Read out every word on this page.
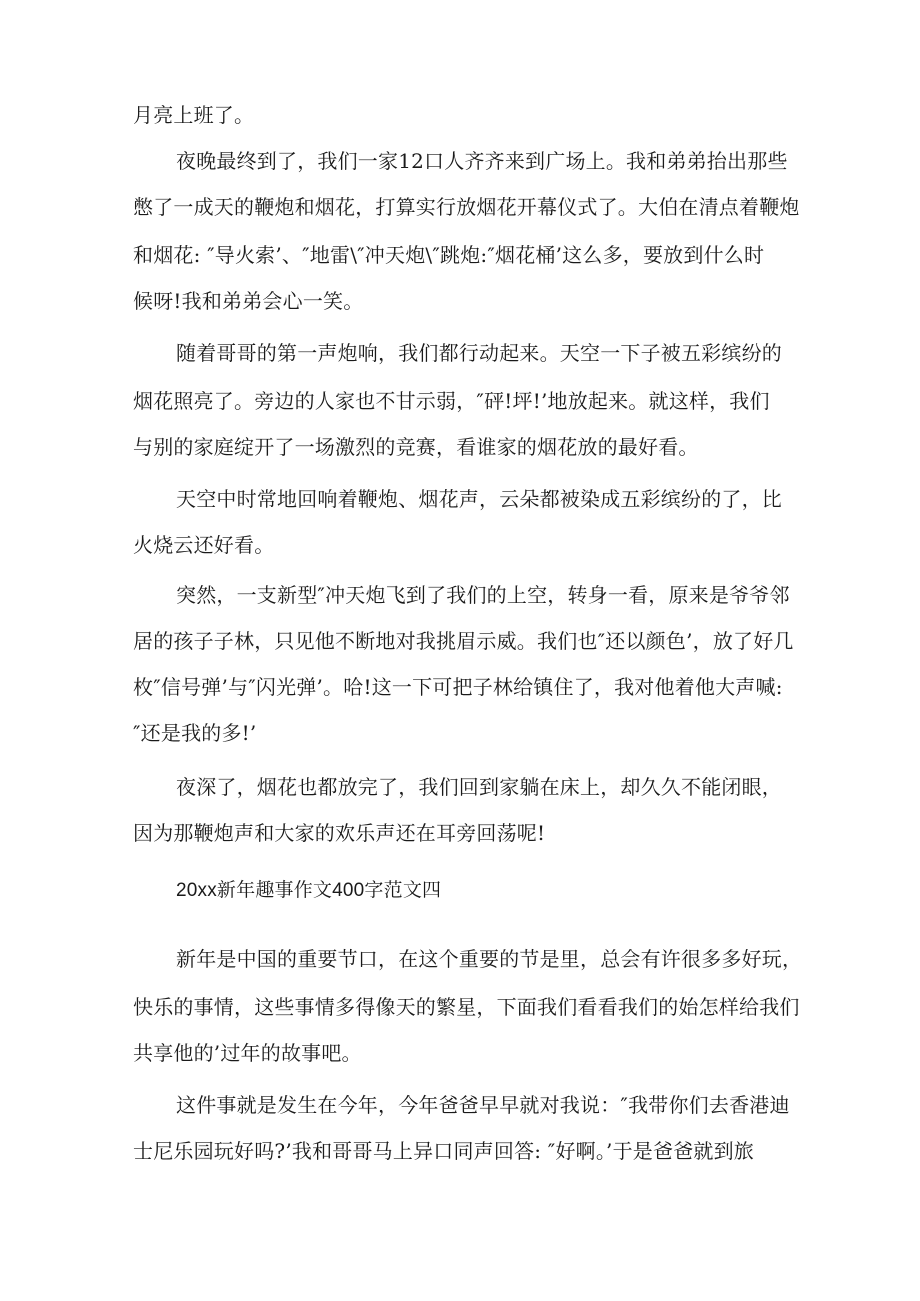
月亮上班了。
夜晚最终到了，我们一家12口人齐齐来到广场上。我和弟弟抬出那些
憋了一成天的鞭炮和烟花，打算实行放烟花开幕仪式了。大伯在清点着鞭炮
和烟花: ″导火索’、″地雷\″冲天炮\″跳炮:″烟花桶’这么多，要放到什么时
候呀!我和弟弟会心一笑。
随着哥哥的第一声炮响，我们都行动起来。天空一下子被五彩缤纷的
烟花照亮了。旁边的人家也不甘示弱，″砰!坪!’地放起来。就这样，我们
与别的家庭绽开了一场激烈的竞赛，看谁家的烟花放的最好看。
天空中时常地回响着鞭炮、烟花声，云朵都被染成五彩缤纷的了，比
火烧云还好看。
突然，一支新型″冲天炮飞到了我们的上空，转身一看，原来是爷爷邻
居的孩子子林，只见他不断地对我挑眉示威。我们也″还以颜色’，放了好几
枚″信号弹’与″闪光弹’。哈!这一下可把子林给镇住了，我对他着他大声喊:
″还是我的多!’
夜深了，烟花也都放完了，我们回到家躺在床上，却久久不能闭眼，
因为那鞭炮声和大家的欢乐声还在耳旁回荡呢!
20xx新年趣事作文400字范文四
新年是中国的重要节口，在这个重要的节是里，总会有许很多多好玩，
快乐的事情，这些事情多得像天的繁星，下面我们看看我们的始怎样给我们
共享他的’过年的故事吧。
这件事就是发生在今年，今年爸爸早早就对我说：″我带你们去香港迪
士尼乐园玩好吗?’我和哥哥马上异口同声回答: ″好啊。’于是爸爸就到旅
